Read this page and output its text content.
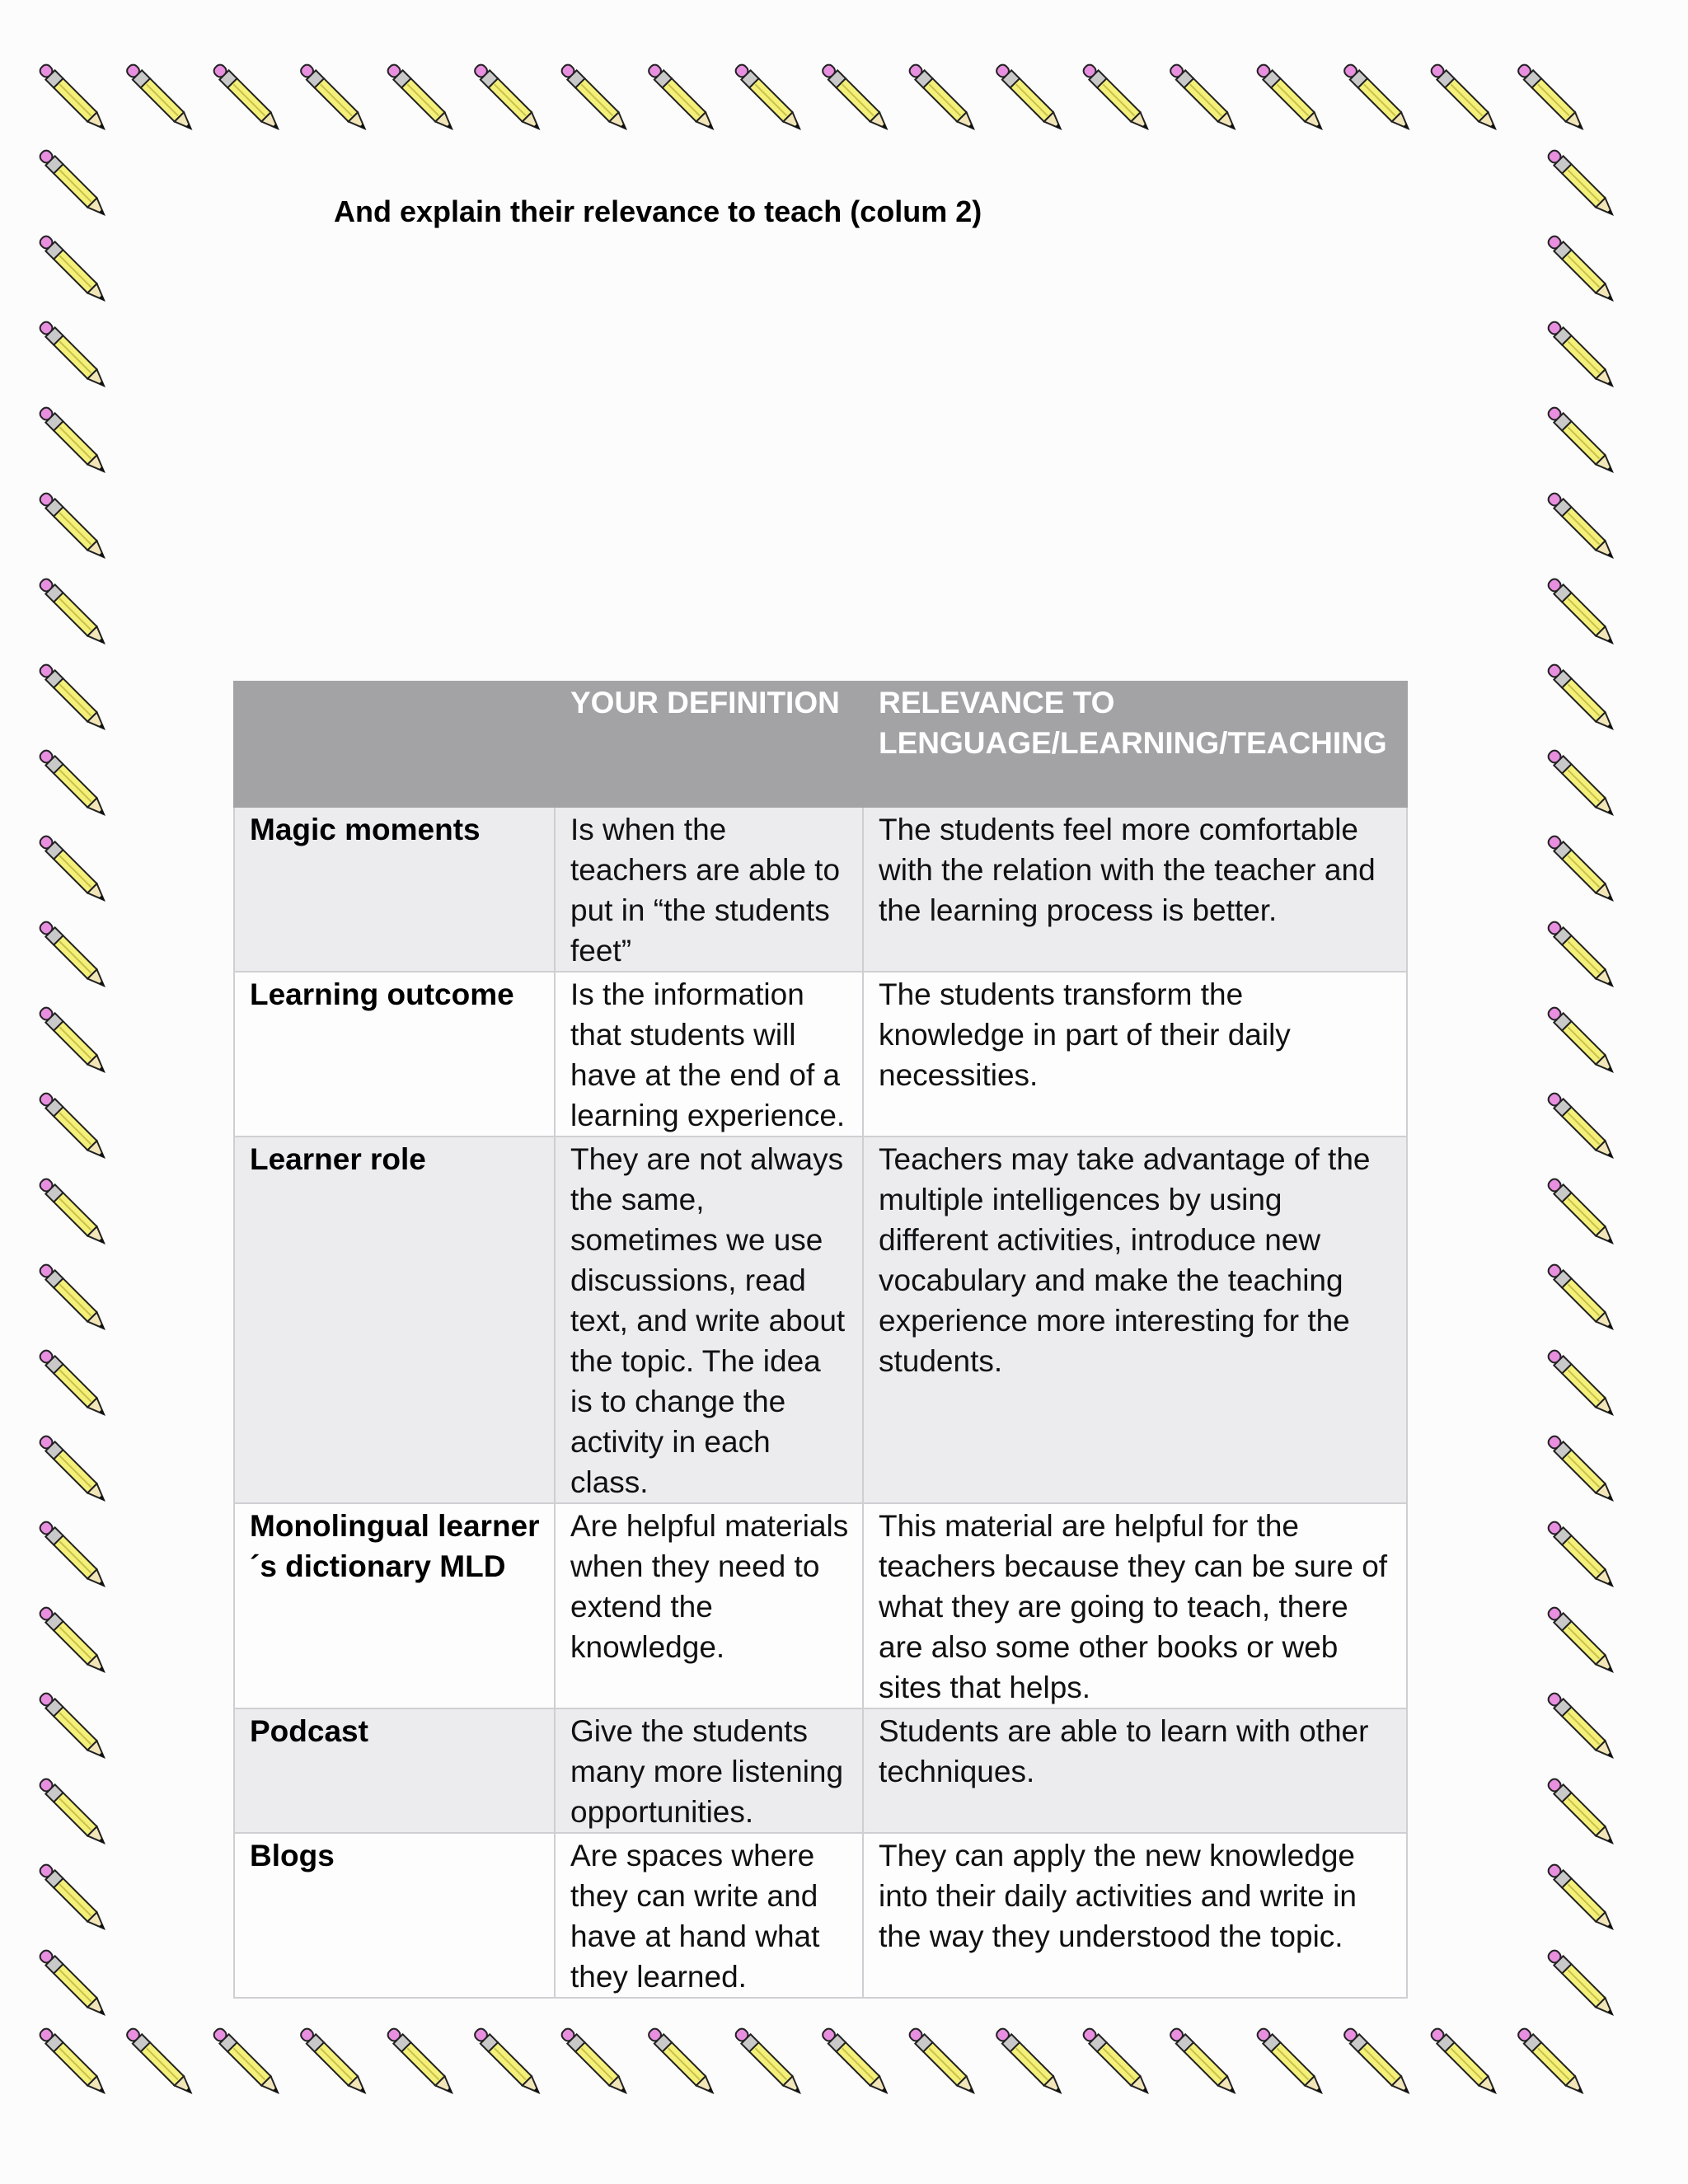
And explain their relevance to teach (colum 2)

	YOUR DEFINITION	RELEVANCE TO LENGUAGE/LEARNING/TEACHING

Magic moments	Is when the teachers are able to put in “the students feet”	The students feel more comfortable with the relation with the teacher and the learning process is better.
Learning outcome	Is the information that students will have at the end of a learning experience.	The students transform the knowledge in part of their daily necessities.
Learner role	They are not always the same, sometimes we use discussions, read text, and write about the topic. The idea is to change the activity in each class.	Teachers may take advantage of the multiple intelligences by using different activities, introduce new vocabulary and make the teaching experience more interesting for the students.
Monolingual learner´s dictionary MLD	Are helpful materials when they need to extend the knowledge.	This material are helpful for the teachers because they can be sure of what they are going to teach, there are also some other books or web sites that helps.
Podcast	Give the students many more listening opportunities.	Students are able to learn with other techniques.
Blogs	Are spaces where they can write and have at hand what they learned.	They can apply the new knowledge into their daily activities and write in the way they understood the topic.
